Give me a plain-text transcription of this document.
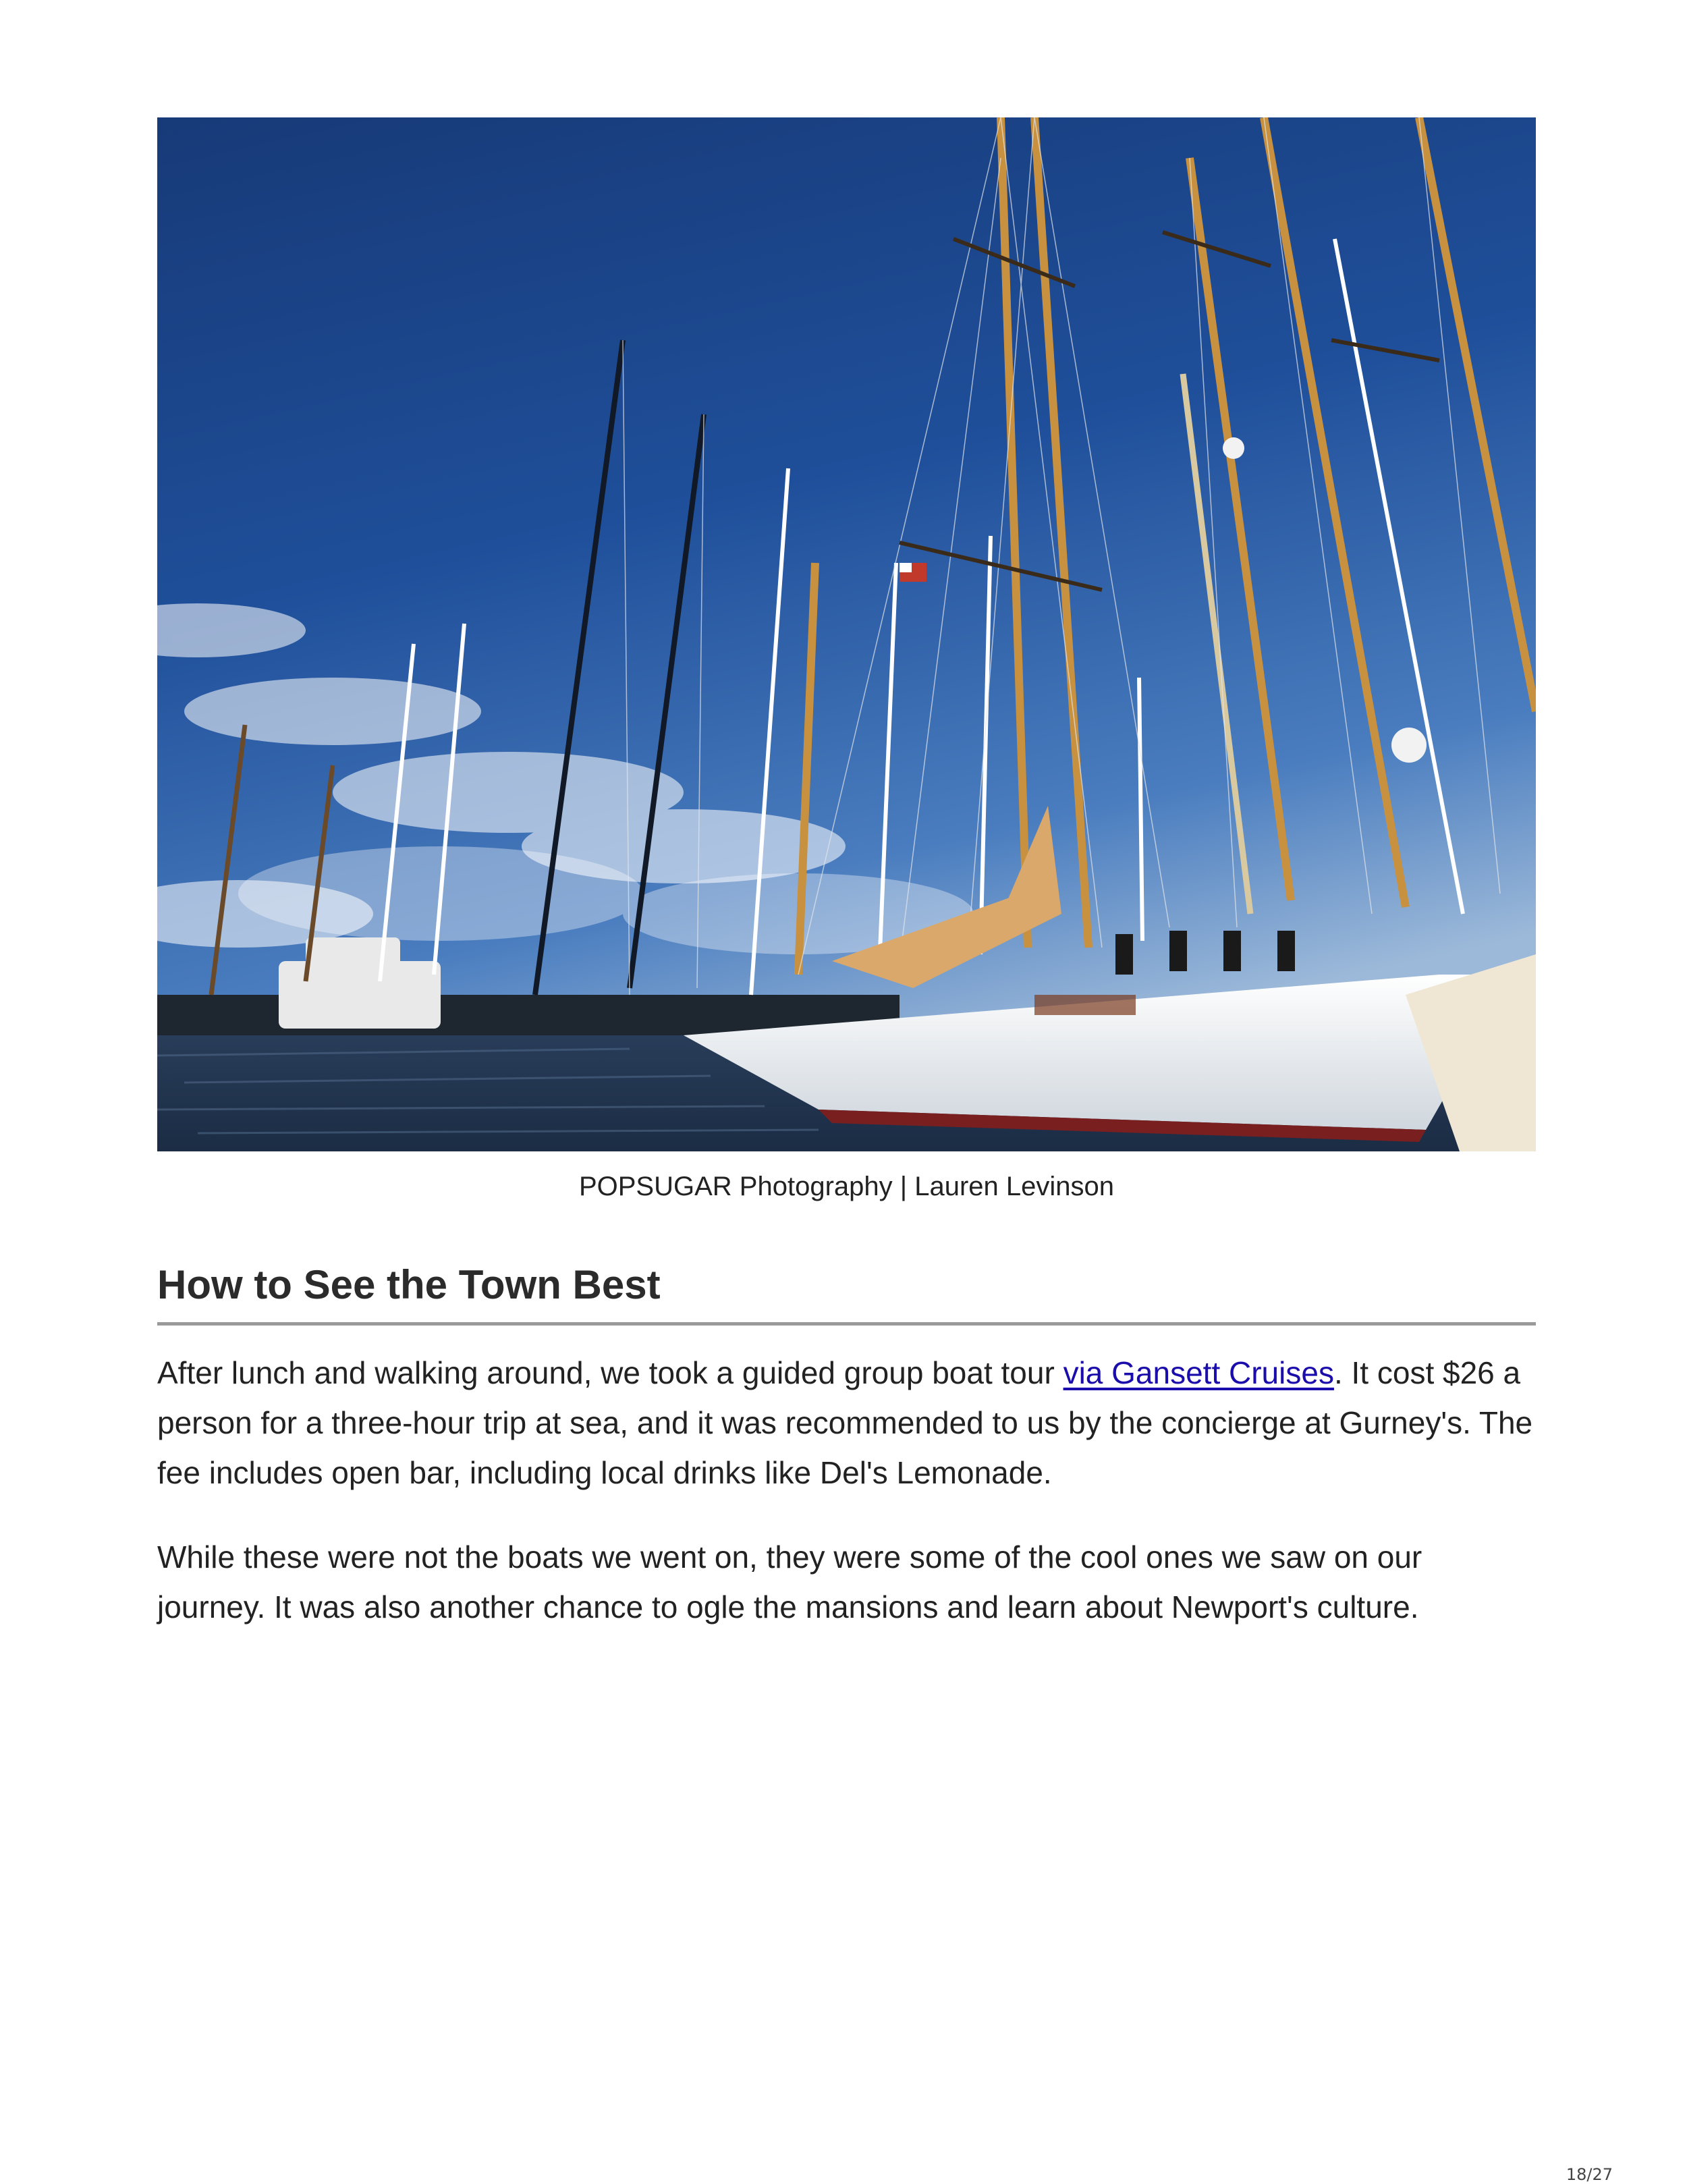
POPSUGAR Photography | Lauren Levinson
How to See the Town Best

After lunch and walking around, we took a guided group boat tour via Gansett Cruises. It cost $26 a person for a three-hour trip at sea, and it was recommended to us by the concierge at Gurney's. The fee includes open bar, including local drinks like Del's Lemonade.

While these were not the boats we went on, they were some of the cool ones we saw on our journey. It was also another chance to ogle the mansions and learn about Newport's culture.

18/27
